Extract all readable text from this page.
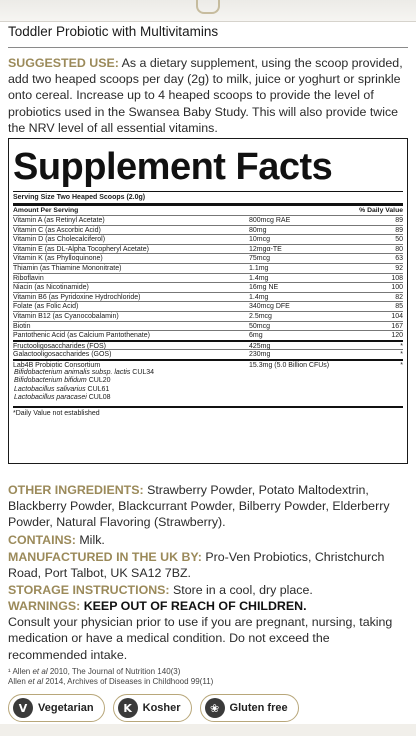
Toddler Probiotic with Multivitamins
SUGGESTED USE: As a dietary supplement, using the scoop provided, add two heaped scoops per day (2g) to milk, juice or yoghurt or sprinkle onto cereal. Increase up to 4 heaped scoops to provide the level of probiotics used in the Swansea Baby Study. This will also provide twice the NRV level of all essential vitamins.
Supplement Facts
Serving Size Two Heaped Scoops (2.0g)
Amount Per Serving	% Daily Value
Vitamin A (as Retinyl Acetate)	800mcg RAE	89
Vitamin C (as Ascorbic Acid)	80mg	89
Vitamin D (as Cholecalciferol)	10mcg	50
Vitamin E (as DL-Alpha Tocopheryl Acetate)	12mgα-TE	80
Vitamin K (as Phylloquinone)	75mcg	63
Thiamin (as Thiamine Mononitrate)	1.1mg	92
Riboflavin	1.4mg	108
Niacin (as Nicotinamide)	16mg NE	100
Vitamin B6 (as Pyridoxine Hydrochloride)	1.4mg	82
Folate (as Folic Acid)	340mcg DFE	85
Vitamin B12 (as Cyanocobalamin)	2.5mcg	104
Biotin	50mcg	167
Pantothenic Acid (as Calcium Pantothenate)	6mg	120
Fructooligosaccharides (FOS)	425mg	*
Galactooligosaccharides (GOS)	230mg	*
Lab4B Probiotic Consortium	15.3mg (5.0 Billion CFUs)	*
Bifidobacterium animalis subsp. lactis CUL34
Bifidobacterium bifidum CUL20
Lactobacillus salivarius CUL61
Lactobacillus paracasei CUL08
*Daily Value not established
OTHER INGREDIENTS: Strawberry Powder, Potato Maltodextrin, Blackberry Powder, Blackcurrant Powder, Bilberry Powder, Elderberry Powder, Natural Flavoring (Strawberry).
CONTAINS: Milk.
MANUFACTURED IN THE UK BY: Pro-Ven Probiotics, Christchurch Road, Port Talbot, UK SA12 7BZ.
STORAGE INSTRUCTIONS: Store in a cool, dry place.
WARNINGS: KEEP OUT OF REACH OF CHILDREN.
Consult your physician prior to use if you are pregnant, nursing, taking medication or have a medical condition. Do not exceed the recommended intake.
¹ Allen et al 2010, The Journal of Nutrition 140(3)
Allen et al 2014, Archives of Diseases in Childhood 99(11)
V Vegetarian	K Kosher	❀ Gluten free
